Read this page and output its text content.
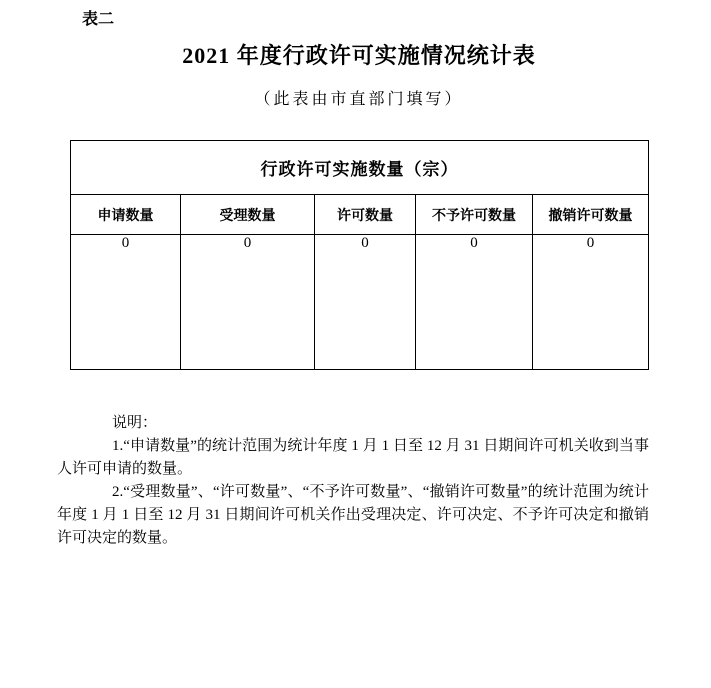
表二
2021 年度行政许可实施情况统计表
（此表由市直部门填写）
行政许可实施数量（宗）				
申请数量	受理数量	许可数量	不予许可数量	撤销许可数量
0	0	0	0	0

说明：

1.“申请数量”的统计范围为统计年度 1 月 1 日至 12 月 31 日期间许可机关收到当事人许可申请的数量。

2.“受理数量”、“许可数量”、“不予许可数量”、“撤销许可数量”的统计范围为统计年度 1 月 1 日至 12 月 31 日期间许可机关作出受理决定、许可决定、不予许可决定和撤销许可决定的数量。
